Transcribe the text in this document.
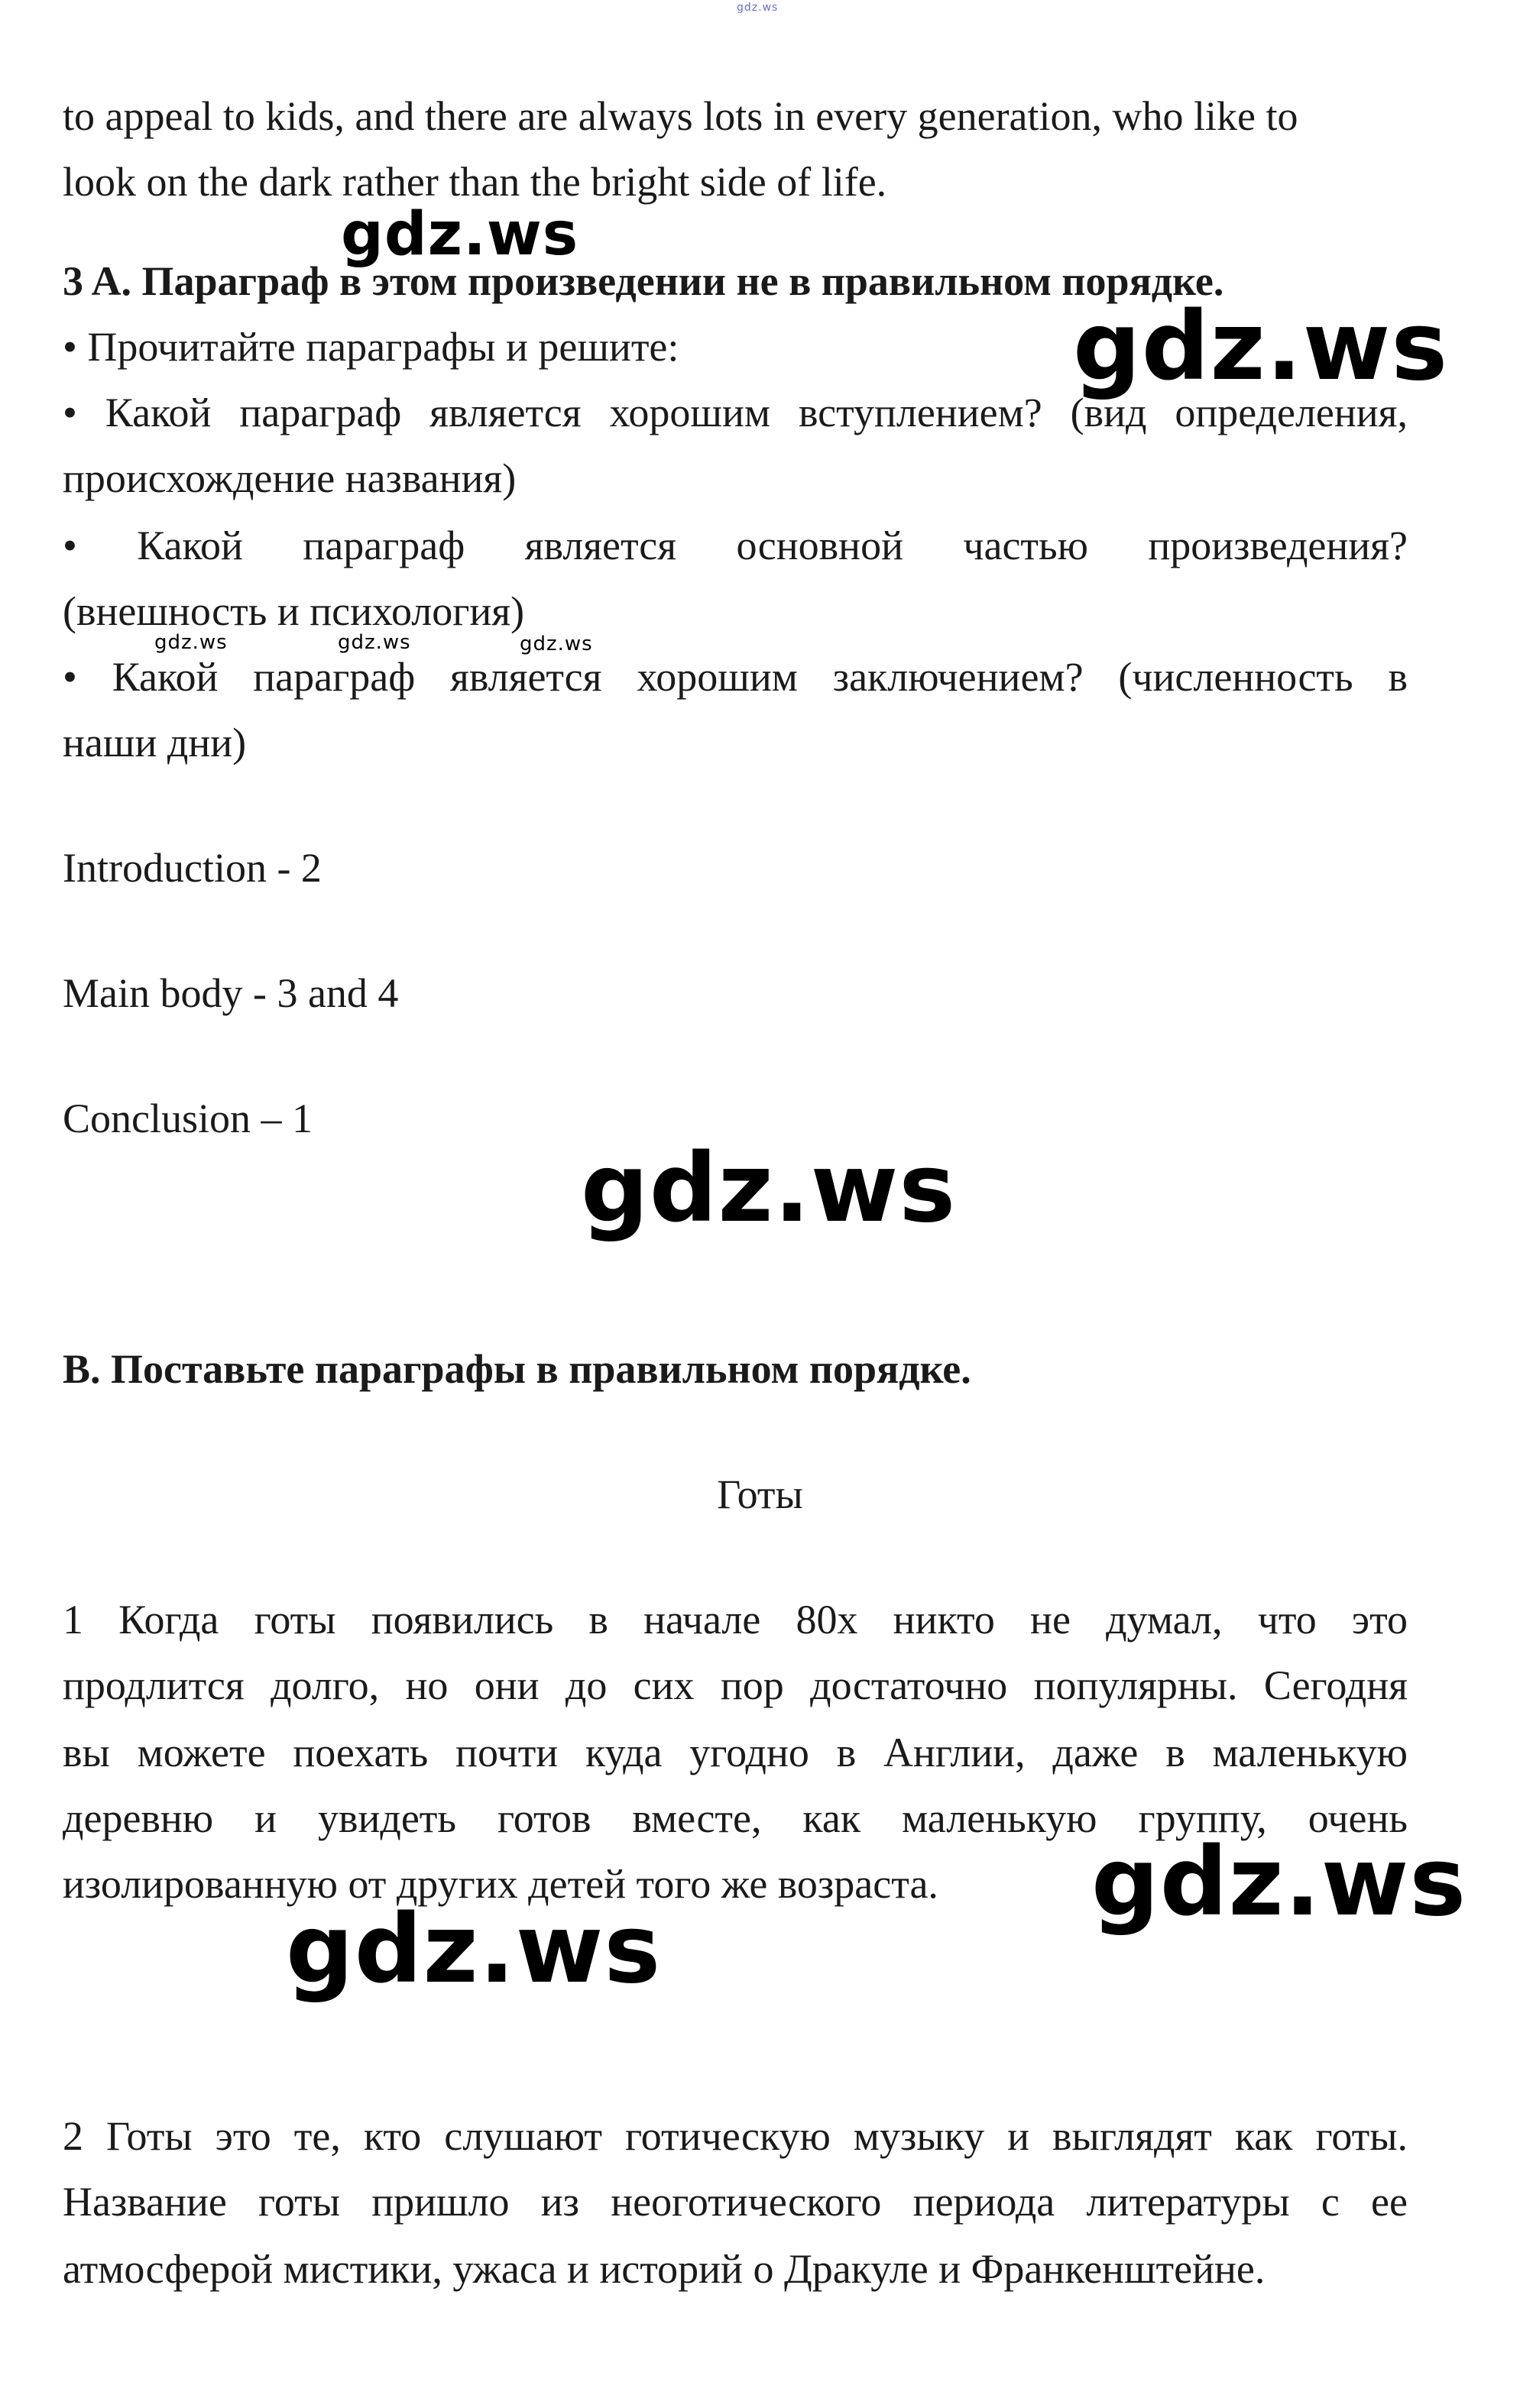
gdz.ws
to appeal to kids, and there are always lots in every generation, who like to
look on the dark rather than the bright side of life.
gdz.ws
3 A. Параграф в этом произведении не в правильном порядке.
gdz.ws
• Прочитайте параграфы и решите:
• Какой параграф является хорошим вступлением? (вид определения,
происхождение названия)
• Какой параграф является основной частью произведения?
(внешность и психология)
gdz.ws	gdz.ws	gdz.ws
• Какой параграф является хорошим заключением? (численность в
наши дни)
Introduction - 2
Main body - 3 and 4
Conclusion – 1
gdz.ws
B. Поставьте параграфы в правильном порядке.
Готы
1 Когда готы появились в начале 80х никто не думал, что это
продлится долго, но они до сих пор достаточно популярны. Сегодня
вы можете поехать почти куда угодно в Англии, даже в маленькую
деревню и увидеть готов вместе, как маленькую группу, очень
изолированную от других детей того же возраста.	gdz.ws
gdz.ws
2 Готы это те, кто слушают готическую музыку и выглядят как готы.
Название готы пришло из неоготического периода литературы с ее
атмосферой мистики, ужаса и историй о Дракуле и Франкенштейне.
